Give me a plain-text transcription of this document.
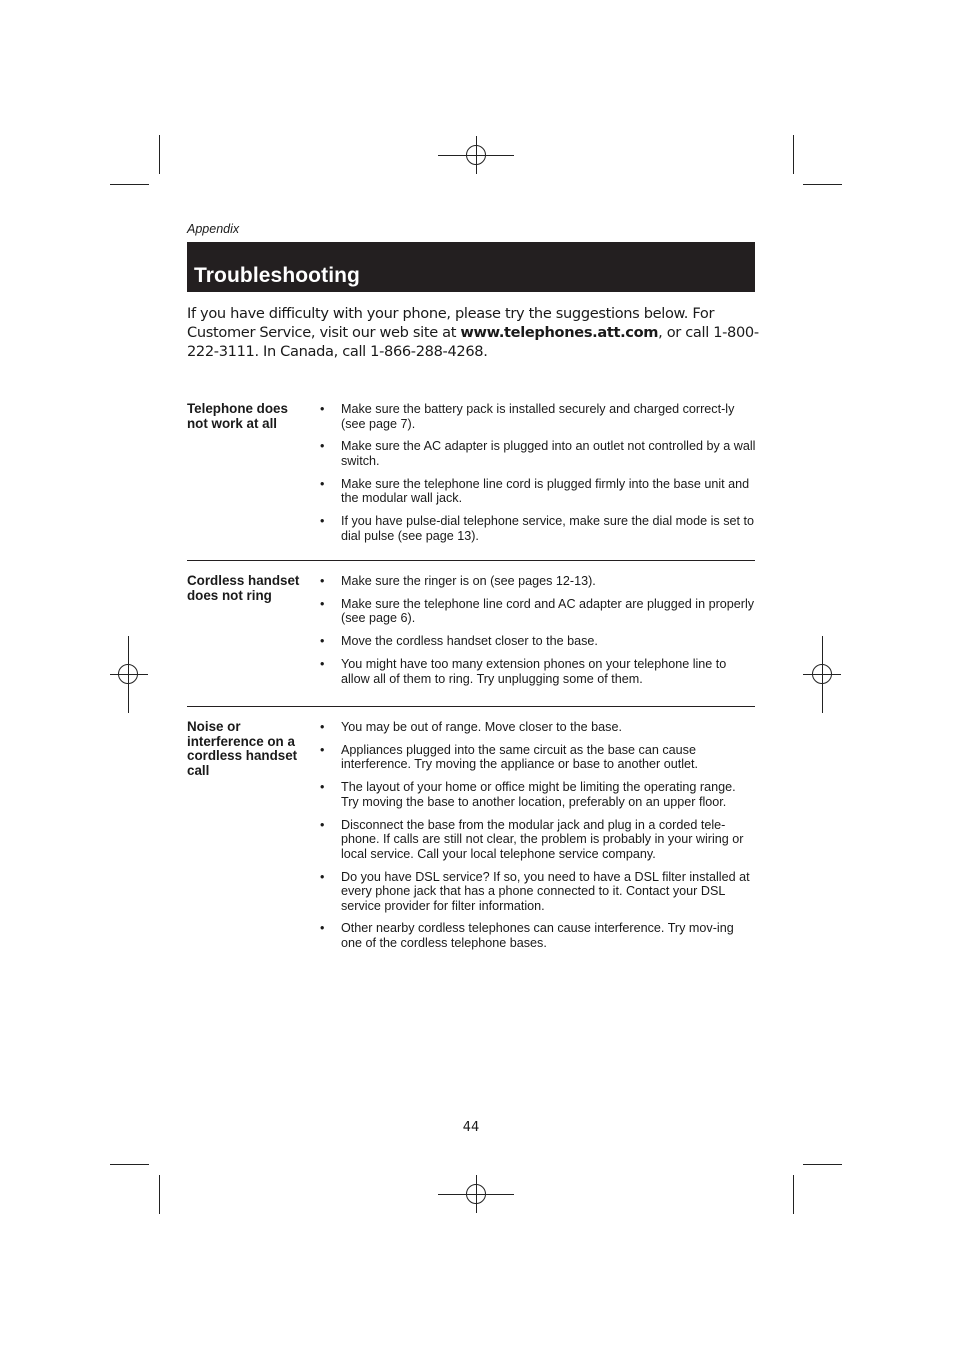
Appendix
Troubleshooting

If you have difficulty with your phone, please try the suggestions below. For Customer Service, visit our web site at www.telephones.att.com, or call 1-800-222-3111. In Canada, call 1-866-288-4268.

Telephone does not work at all
• Make sure the battery pack is installed securely and charged correct-ly (see page 7).
• Make sure the AC adapter is plugged into an outlet not controlled by a wall switch.
• Make sure the telephone line cord is plugged firmly into the base unit and the modular wall jack.
• If you have pulse-dial telephone service, make sure the dial mode is set to dial pulse (see page 13).
Cordless handset does not ring
• Make sure the ringer is on (see pages 12-13).
• Make sure the telephone line cord and AC adapter are plugged in properly (see page 6).
• Move the cordless handset closer to the base.
• You might have too many extension phones on your telephone line to allow all of them to ring. Try unplugging some of them.
Noise or interference on a cordless handset call
• You may be out of range. Move closer to the base.
• Appliances plugged into the same circuit as the base can cause interference. Try moving the appliance or base to another outlet.
• The layout of your home or office might be limiting the operating range. Try moving the base to another location, preferably on an upper floor.
• Disconnect the base from the modular jack and plug in a corded tele-phone. If calls are still not clear, the problem is probably in your wiring or local service. Call your local telephone service company.
• Do you have DSL service? If so, you need to have a DSL filter installed at every phone jack that has a phone connected to it. Contact your DSL service provider for filter information.
• Other nearby cordless telephones can cause interference. Try mov-ing one of the cordless telephone bases.
44
